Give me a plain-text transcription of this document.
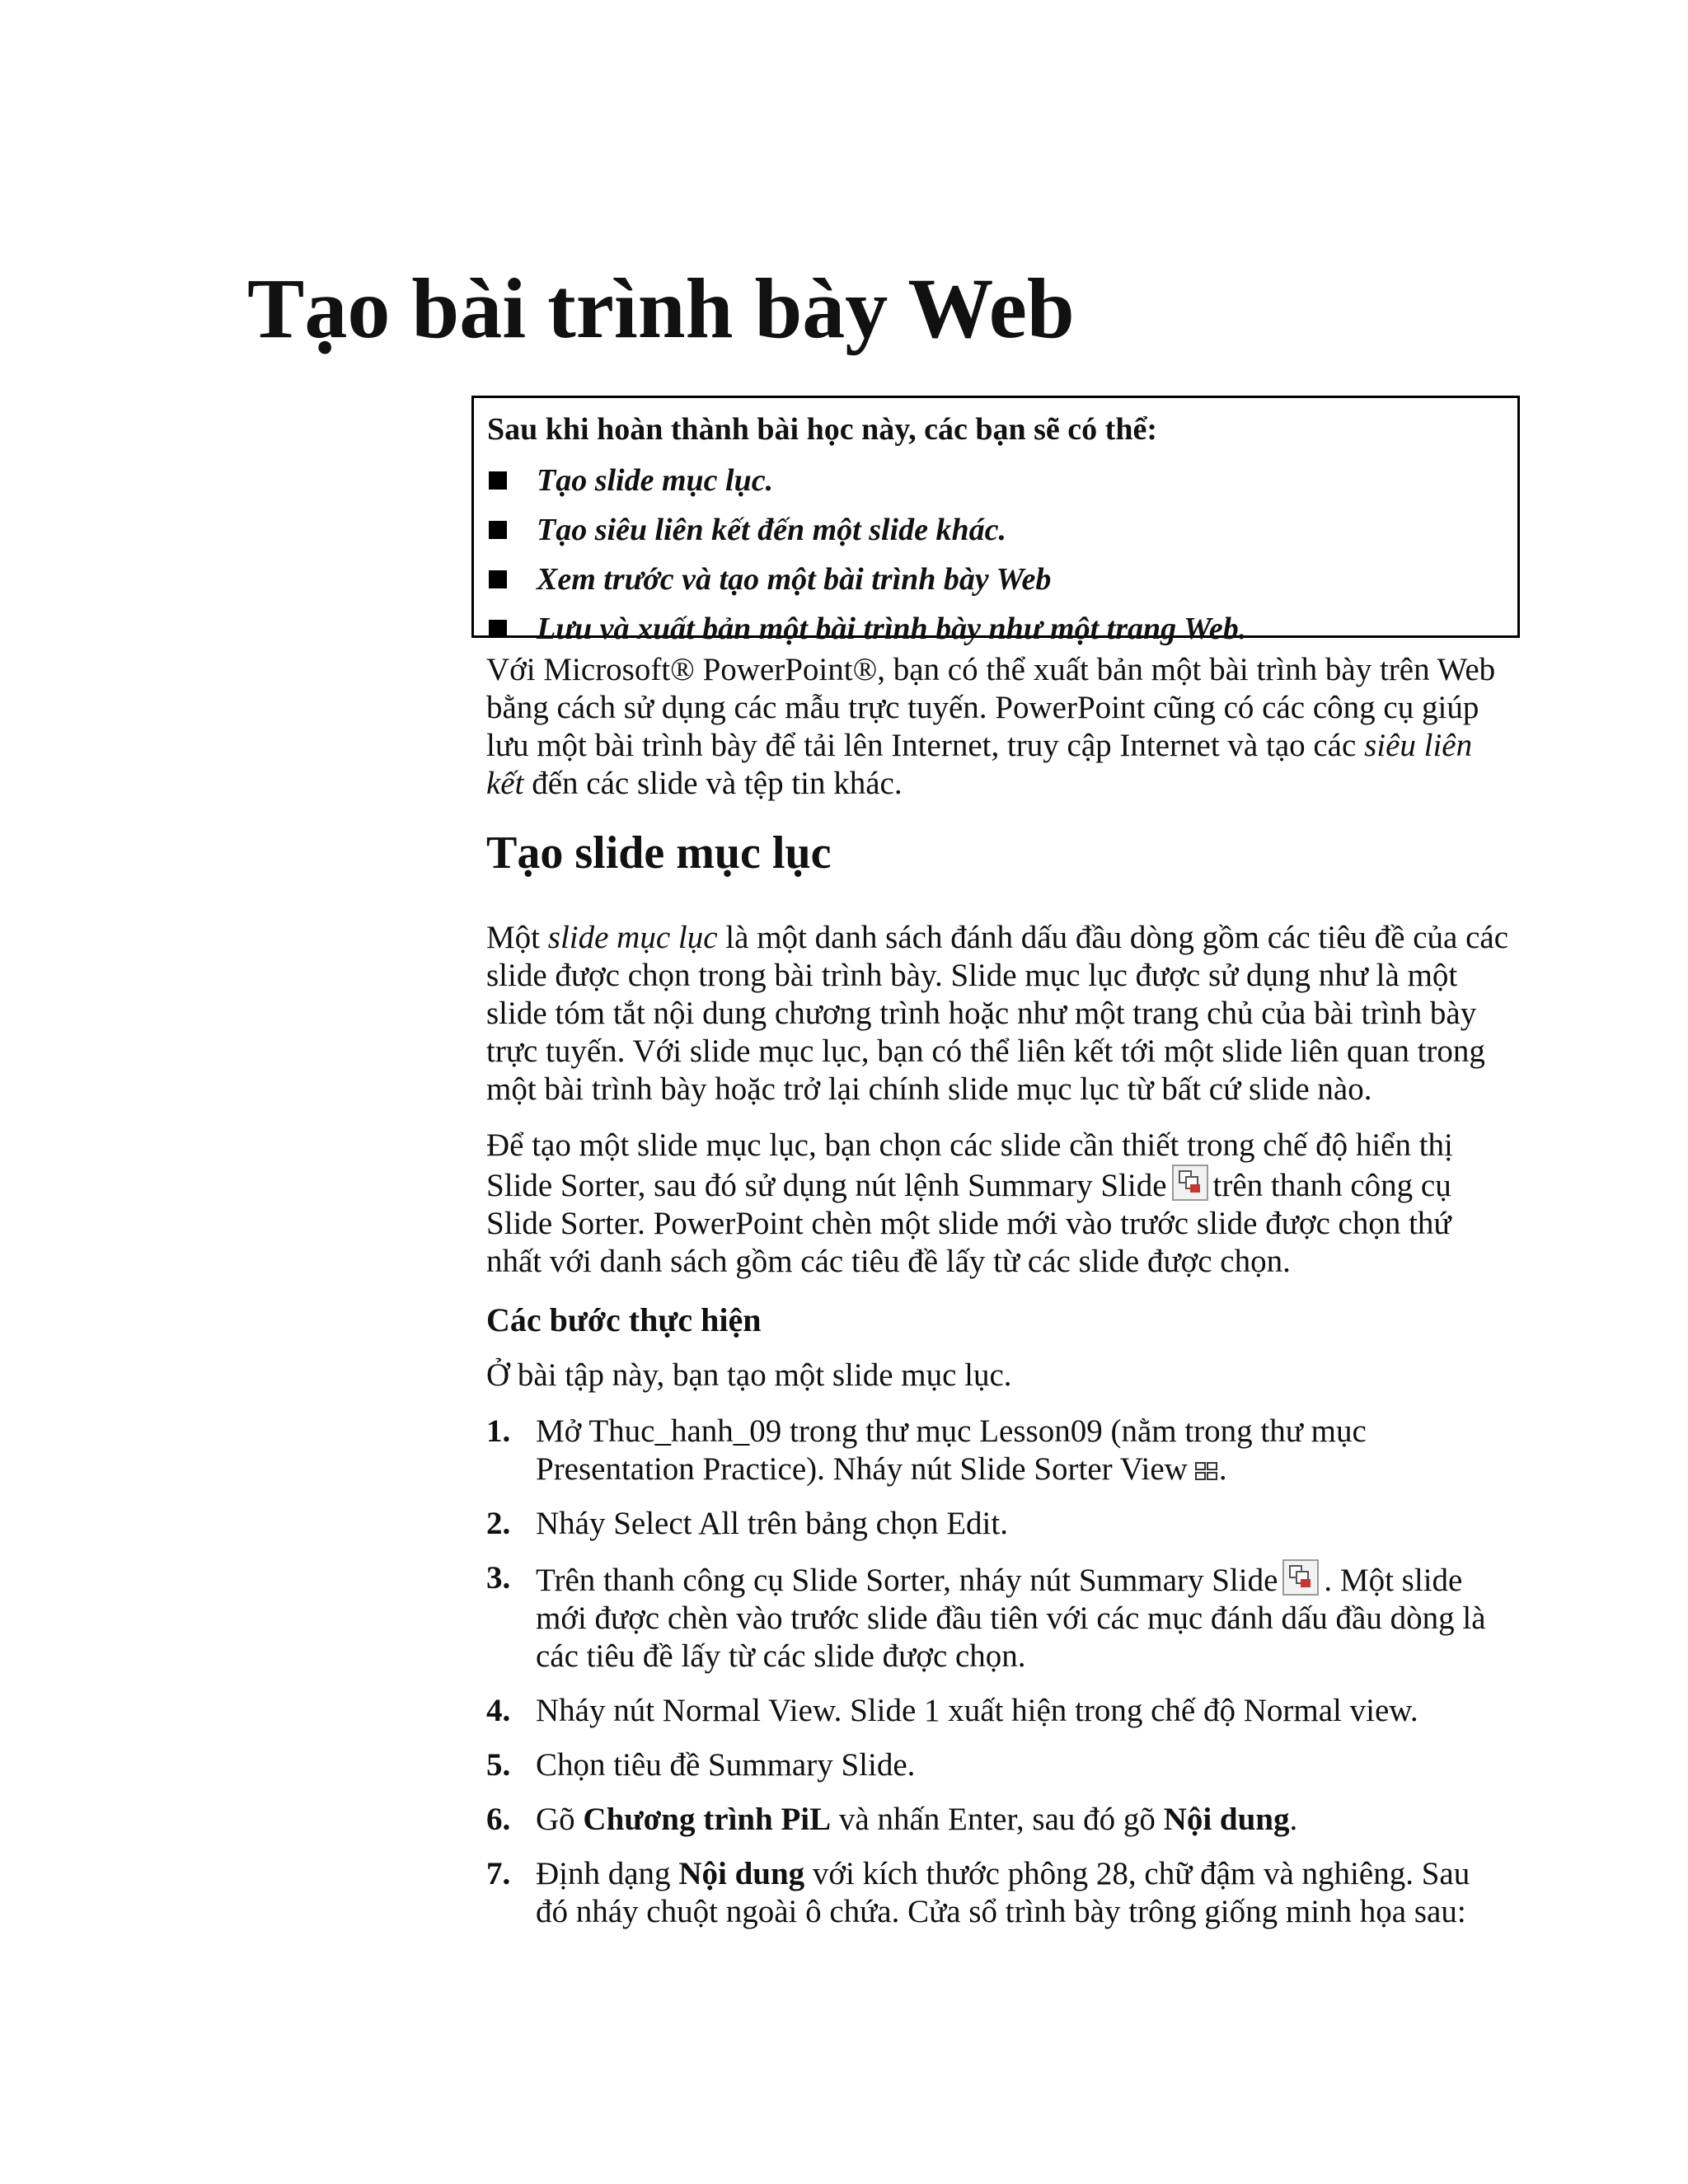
Tạo bài trình bày Web

Sau khi hoàn thành bài học này, các bạn sẽ có thể:

Tạo slide mục lục.
Tạo siêu liên kết đến một slide khác.
Xem trước và tạo một bài trình bày Web
Lưu và xuất bản một bài trình bày như một trang Web.

Với Microsoft® PowerPoint®, bạn có thể xuất bản một bài trình bày trên Web bằng cách sử dụng các mẫu trực tuyến. PowerPoint cũng có các công cụ giúp lưu một bài trình bày để tải lên Internet, truy cập Internet và tạo các siêu liên kết đến các slide và tệp tin khác.

Tạo slide mục lục

Một slide mục lục là một danh sách đánh dấu đầu dòng gồm các tiêu đề của các slide được chọn trong bài trình bày. Slide mục lục được sử dụng như là một slide tóm tắt nội dung chương trình hoặc như một trang chủ của bài trình bày trực tuyến. Với slide mục lục, bạn có thể liên kết tới một slide liên quan trong một bài trình bày hoặc trở lại chính slide mục lục từ bất cứ slide nào.

Để tạo một slide mục lục, bạn chọn các slide cần thiết trong chế độ hiển thị Slide Sorter, sau đó sử dụng nút lệnh Summary Slide trên thanh công cụ Slide Sorter. PowerPoint chèn một slide mới vào trước slide được chọn thứ nhất với danh sách gồm các tiêu đề lấy từ các slide được chọn.

Các bước thực hiện

Ở bài tập này, bạn tạo một slide mục lục.

1. Mở Thuc_hanh_09 trong thư mục Lesson09 (nằm trong thư mục Presentation Practice). Nháy nút Slide Sorter View .
2. Nháy Select All trên bảng chọn Edit.
3. Trên thanh công cụ Slide Sorter, nháy nút Summary Slide . Một slide mới được chèn vào trước slide đầu tiên với các mục đánh dấu đầu dòng là các tiêu đề lấy từ các slide được chọn.
4. Nháy nút Normal View. Slide 1 xuất hiện trong chế độ Normal view.
5. Chọn tiêu đề Summary Slide.
6. Gõ Chương trình PiL và nhấn Enter, sau đó gõ Nội dung.
7. Định dạng Nội dung với kích thước phông 28, chữ đậm và nghiêng. Sau đó nháy chuột ngoài ô chứa. Cửa sổ trình bày trông giống minh họa sau:
